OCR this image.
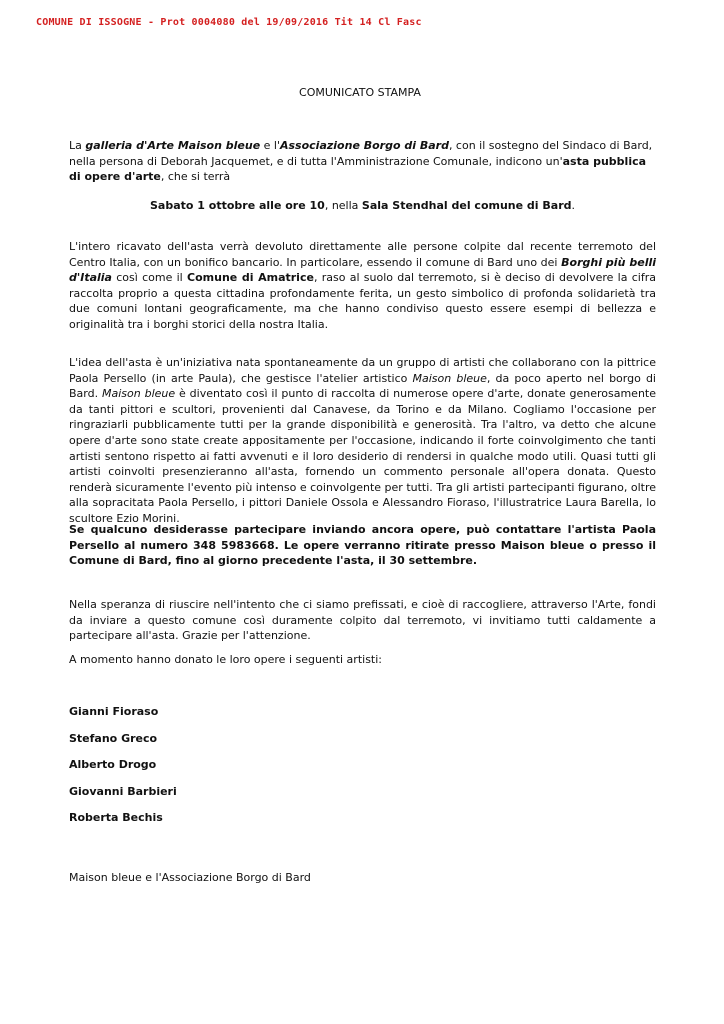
COMUNE DI ISSOGNE - Prot 0004080 del 19/09/2016 Tit 14 Cl Fasc
COMUNICATO STAMPA

La galleria d'Arte Maison bleue e l'Associazione Borgo di Bard, con il sostegno del Sindaco di Bard, nella persona di Deborah Jacquemet, e di tutta l'Amministrazione Comunale, indicono un'asta pubblica di opere d'arte, che si terrà

Sabato 1 ottobre alle ore 10, nella Sala Stendhal del comune di Bard.

L'intero ricavato dell'asta verrà devoluto direttamente alle persone colpite dal recente terremoto del Centro Italia, con un bonifico bancario. In particolare, essendo il comune di Bard uno dei Borghi più belli d'Italia così come il Comune di Amatrice, raso al suolo dal terremoto, si è deciso di devolvere la cifra raccolta proprio a questa cittadina profondamente ferita, un gesto simbolico di profonda solidarietà tra due comuni lontani geograficamente, ma che hanno condiviso questo essere esempi di bellezza e originalità tra i borghi storici della nostra Italia.

L'idea dell'asta è un'iniziativa nata spontaneamente da un gruppo di artisti che collaborano con la pittrice Paola Persello (in arte Paula), che gestisce l'atelier artistico Maison bleue, da poco aperto nel borgo di Bard. Maison bleue è diventato così il punto di raccolta di numerose opere d'arte, donate generosamente da tanti pittori e scultori, provenienti dal Canavese, da Torino e da Milano. Cogliamo l'occasione per ringraziarli pubblicamente tutti per la grande disponibilità e generosità. Tra l'altro, va detto che alcune opere d'arte sono state create appositamente per l'occasione, indicando il forte coinvolgimento che tanti artisti sentono rispetto ai fatti avvenuti e il loro desiderio di rendersi in qualche modo utili. Quasi tutti gli artisti coinvolti presenzieranno all'asta, fornendo un commento personale all'opera donata. Questo renderà sicuramente l'evento più intenso e coinvolgente per tutti. Tra gli artisti partecipanti figurano, oltre alla sopracitata Paola Persello, i pittori Daniele Ossola e Alessandro Fioraso, l'illustratrice Laura Barella, lo scultore Ezio Morini.

Se qualcuno desiderasse partecipare inviando ancora opere, può contattare l'artista Paola Persello al numero 348 5983668. Le opere verranno ritirate presso Maison bleue o presso il Comune di Bard, fino al giorno precedente l'asta, il 30 settembre.

Nella speranza di riuscire nell'intento che ci siamo prefissati, e cioè di raccogliere, attraverso l'Arte, fondi da inviare a questo comune così duramente colpito dal terremoto, vi invitiamo tutti caldamente a partecipare all'asta. Grazie per l'attenzione.

A momento hanno donato le loro opere i seguenti artisti:

Gianni Fioraso

Stefano Greco

Alberto Drogo

Giovanni Barbieri

Roberta Bechis

Maison bleue e l'Associazione Borgo di Bard
